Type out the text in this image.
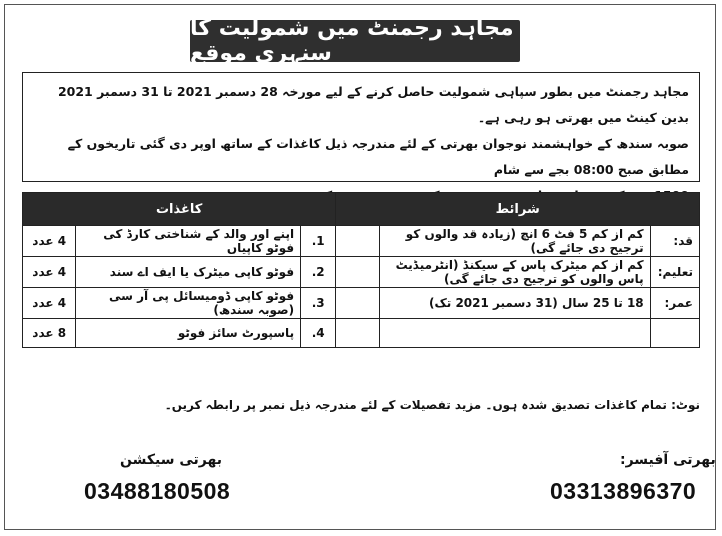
مجاہد رجمنٹ میں شمولیت کا سنہری موقع

مجاہد رجمنٹ میں بطور سپاہی شمولیت حاصل کرنے کے لیے مورخہ 28 دسمبر 2021 تا 31 دسمبر 2021 بدین کینٹ میں بھرتی ہو رہی ہے۔

صوبہ سندھ کے خواہشمند نوجوان بھرتی کے لئے مندرجہ ذیل کاغذات کے ساتھ اوپر دی گئی تاریخوں کے مطابق صبح 08:00 بجے سے شام

شرائط			کاغذات		
قد:	کم از کم 5 فٹ 6 انچ (زیادہ قد والوں کو ترجیح دی جائے گی)		1.	اپنے اور والد کے شناختی کارڈ کی فوٹو کاپیاں	4 عدد
تعلیم:	کم از کم میٹرک پاس کے سیکنڈ (انٹرمیڈیٹ پاس والوں کو ترجیح دی جائے گی)		2.	فوٹو کاپی میٹرک یا ایف اے سند	4 عدد
عمر:	18 تا 25 سال (31 دسمبر 2021 تک)		3.	فوٹو کاپی ڈومیسائل پی آر سی (صوبہ سندھ)	4 عدد
			4.	پاسپورٹ سائز فوٹو	8 عدد
نوٹ: تمام کاغذات تصدیق شدہ ہوں۔ مزید تفصیلات کے لئے مندرجہ ذیل نمبر پر رابطہ کریں۔
بھرتی آفیسر:
03313896370
بھرتی سیکشن
03488180508
